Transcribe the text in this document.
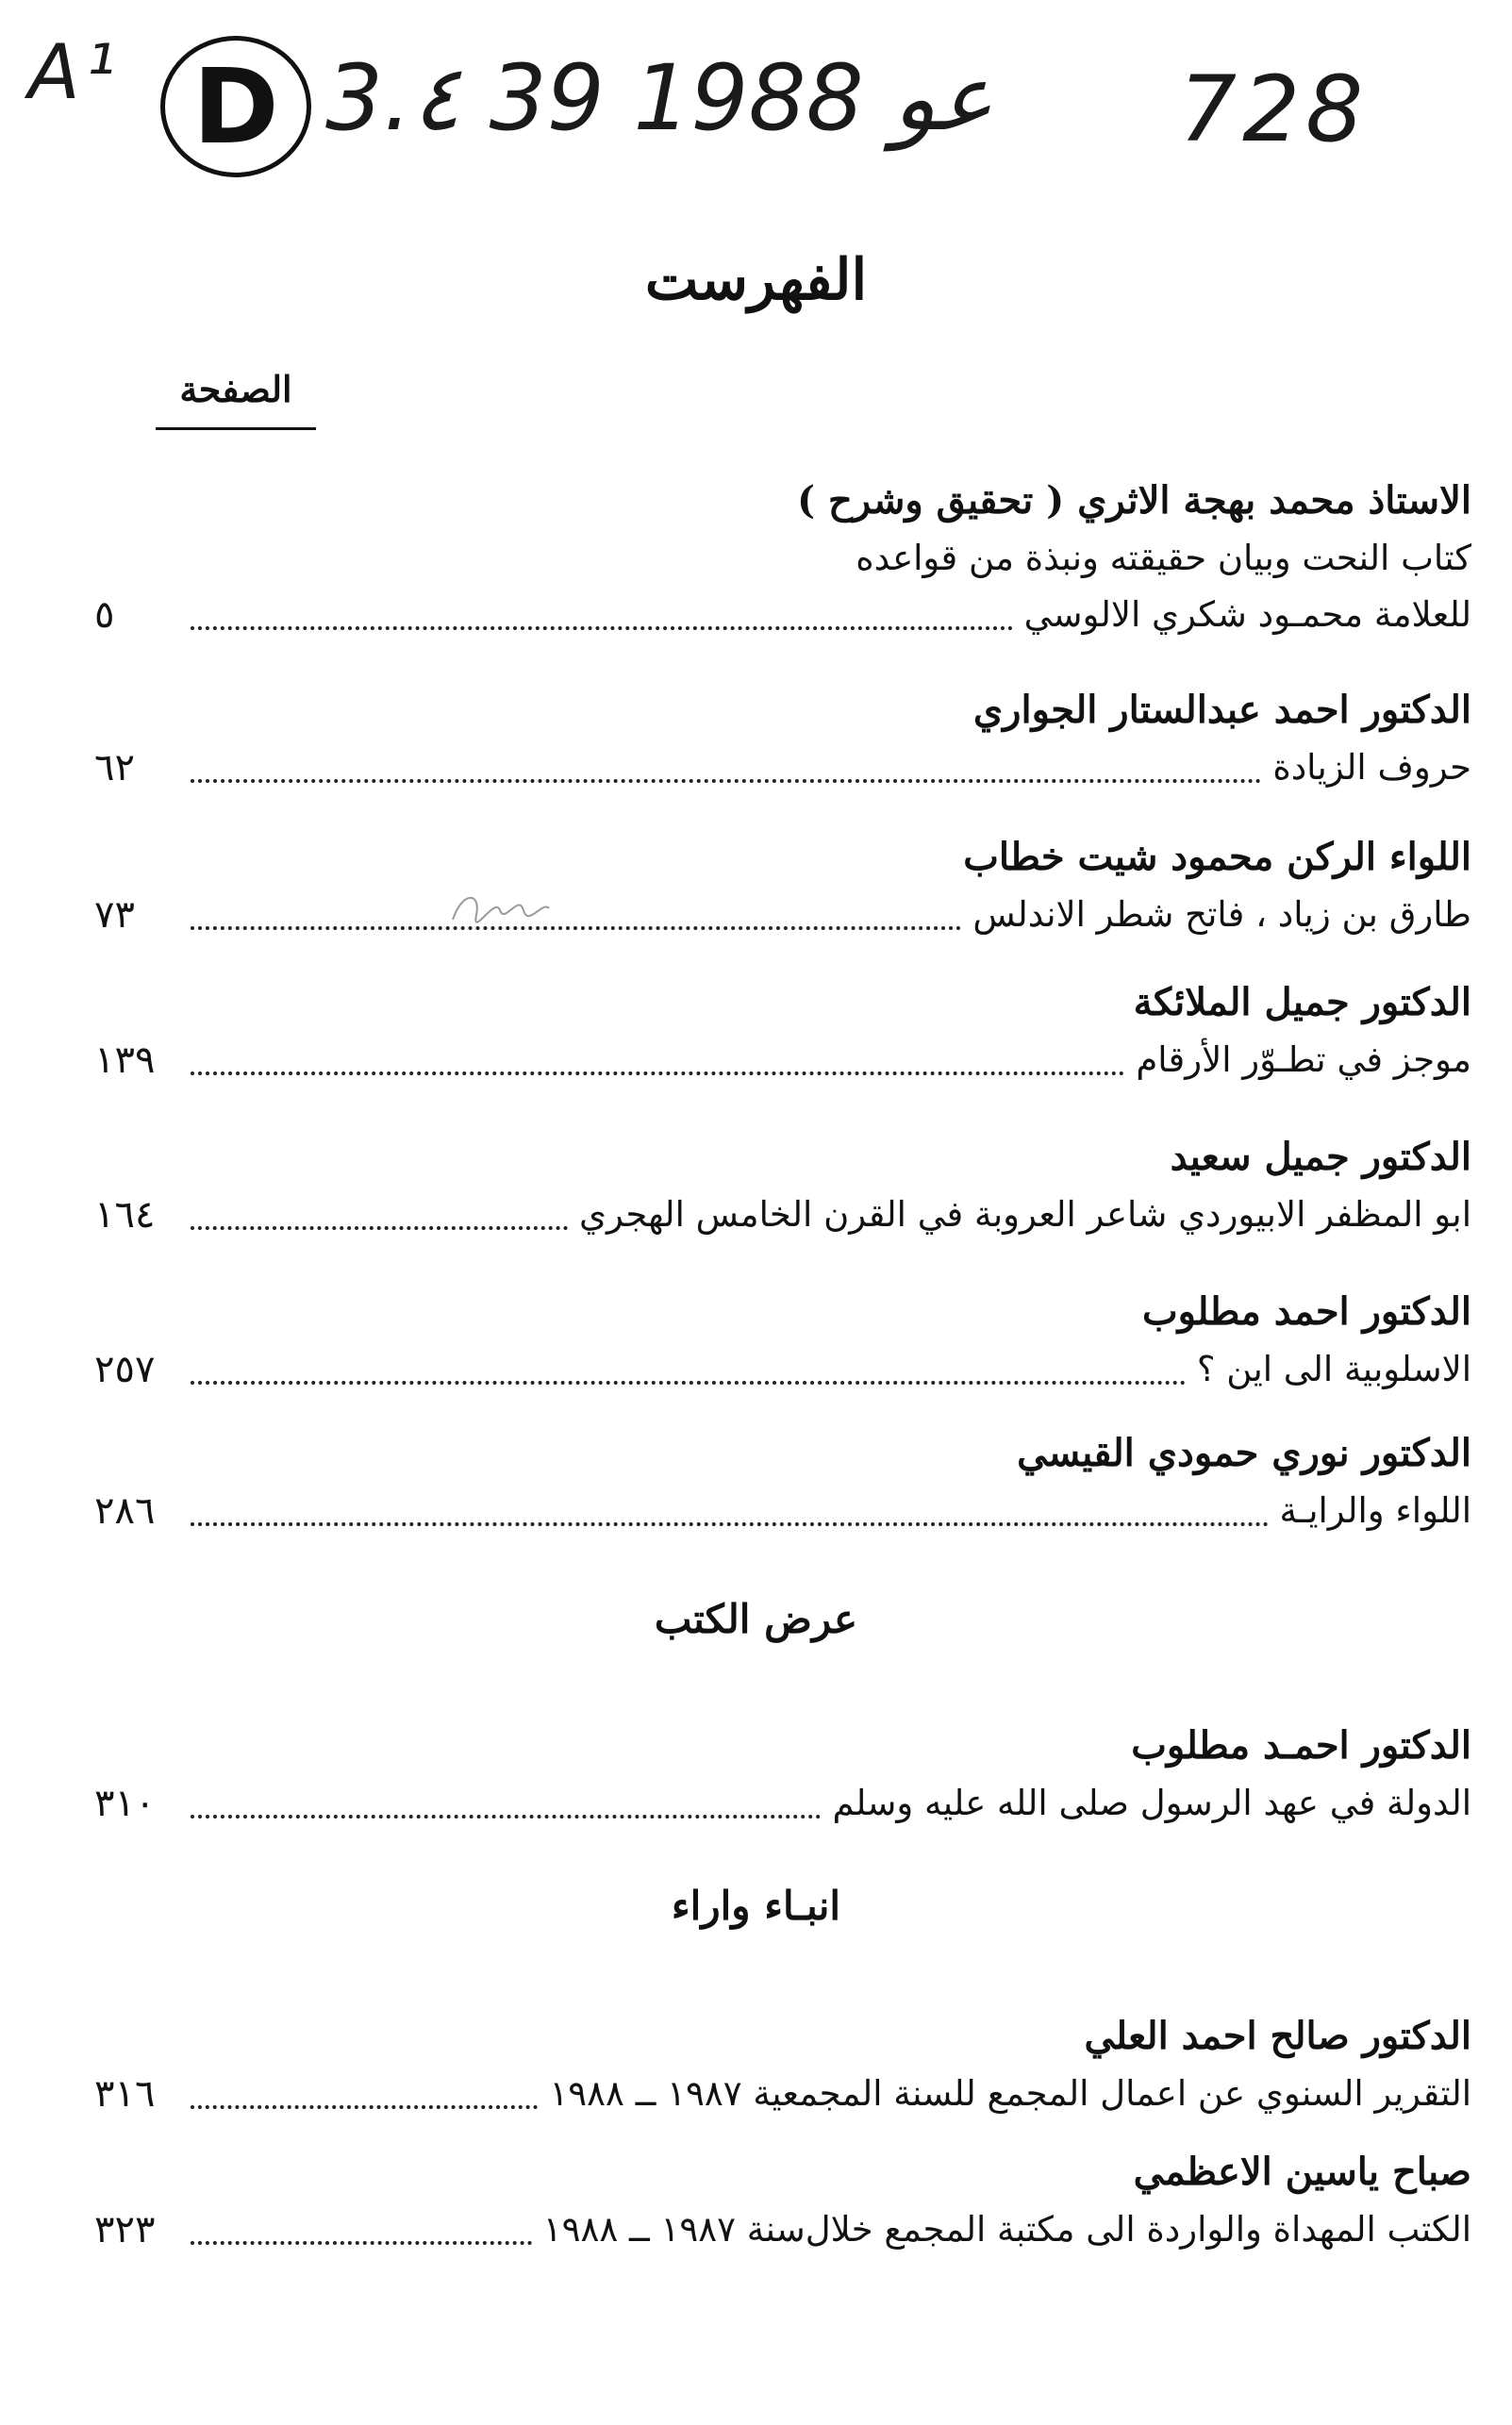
A¹ D 3.٤ 39 عو 1988 728
الفهرست
الصفحة
الاستاذ محمد بهجة الاثري ( تحقيق وشرح )
كتاب النحت وبيان حقيقته ونبذة من قواعده
للعلامة محمـود شكري الالوسي
٥
الدكتور احمد عبدالستار الجواري
حروف الزيادة
٦٢
اللواء الركن محمود شيت خطاب
طارق بن زياد ، فاتح شطر الاندلس
٧٣
الدكتور جميل الملائكة
موجز في تطـوّر الأرقام
١٣٩
الدكتور جميل سعيد
ابو المظفر الابيوردي شاعر العروبة في القرن الخامس الهجري
١٦٤
الدكتور احمد مطلوب
الاسلوبية الى اين ؟
٢٥٧
الدكتور نوري حمودي القيسي
اللواء والرايـة
٢٨٦
عرض الكتب
الدكتور احمـد مطلوب
الدولة في عهد الرسول صلى الله عليه وسلم
٣١٠
انبـاء واراء
الدكتور صالح احمد العلي
التقرير السنوي عن اعمال المجمع للسنة المجمعية ١٩٨٧ ــ ١٩٨٨
٣١٦
صباح ياسين الاعظمي
الكتب المهداة والواردة الى مكتبة المجمع خلال‌سنة ١٩٨٧ ــ ١٩٨٨
٣٢٣
